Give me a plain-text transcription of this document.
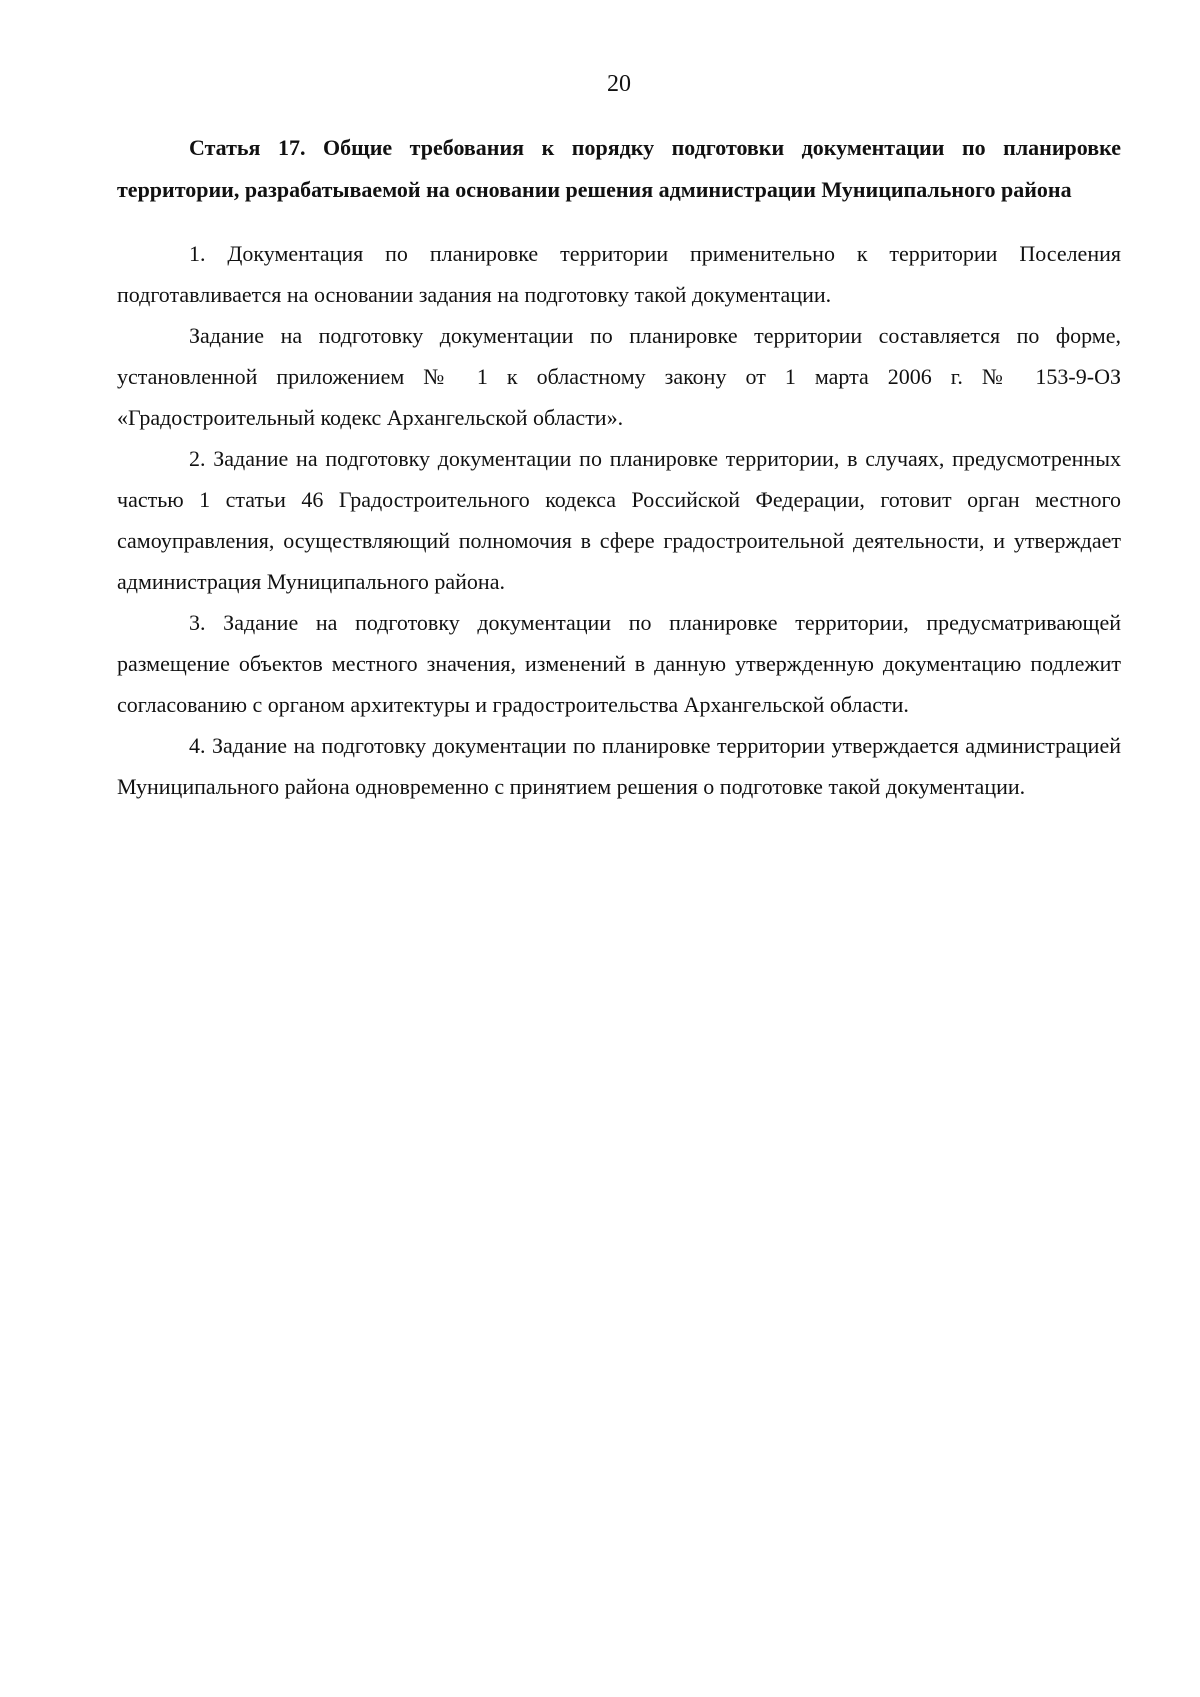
20
Статья 17. Общие требования к порядку подготовки документации по планировке территории, разрабатываемой на основании решения администрации Муниципального района

1. Документация по планировке территории применительно к территории Поселения подготавливается на основании задания на подготовку такой документации.

Задание на подготовку документации по планировке территории составляется по форме, установленной приложением № 1 к областному закону от 1 марта 2006 г. № 153-9-ОЗ «Градостроительный кодекс Архангельской области».

2. Задание на подготовку документации по планировке территории, в случаях, предусмотренных частью 1 статьи 46 Градостроительного кодекса Российской Федерации, готовит орган местного самоуправления, осуществляющий полномочия в сфере градостроительной деятельности, и утверждает администрация Муниципального района.

3. Задание на подготовку документации по планировке территории, предусматривающей размещение объектов местного значения, изменений в данную утвержденную документацию подлежит согласованию с органом архитектуры и градостроительства Архангельской области.

4. Задание на подготовку документации по планировке территории утверждается администрацией Муниципального района одновременно с принятием решения о подготовке такой документации.
